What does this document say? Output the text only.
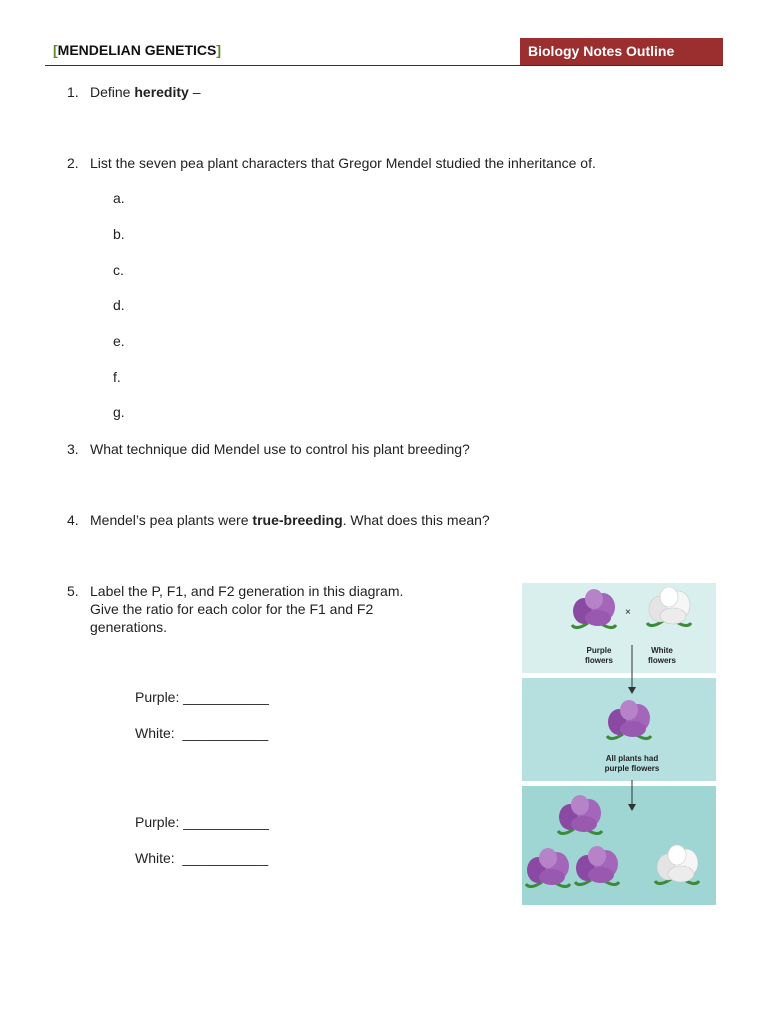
[MENDELIAN GENETICS]	Biology Notes Outline
1. Define heredity –
2. List the seven pea plant characters that Gregor Mendel studied the inheritance of.
a.
b.
c.
d.
e.
f.
g.
3. What technique did Mendel use to control his plant breeding?
4. Mendel’s pea plants were true-breeding. What does this mean?
5. Label the P, F1, and F2 generation in this diagram.
Give the ratio for each color for the F1 and F2
generations.
Purple: ___________
White: ___________
Purple: ___________
White: ___________
×
Purple
flowers
White
flowers
All plants had
purple flowers
